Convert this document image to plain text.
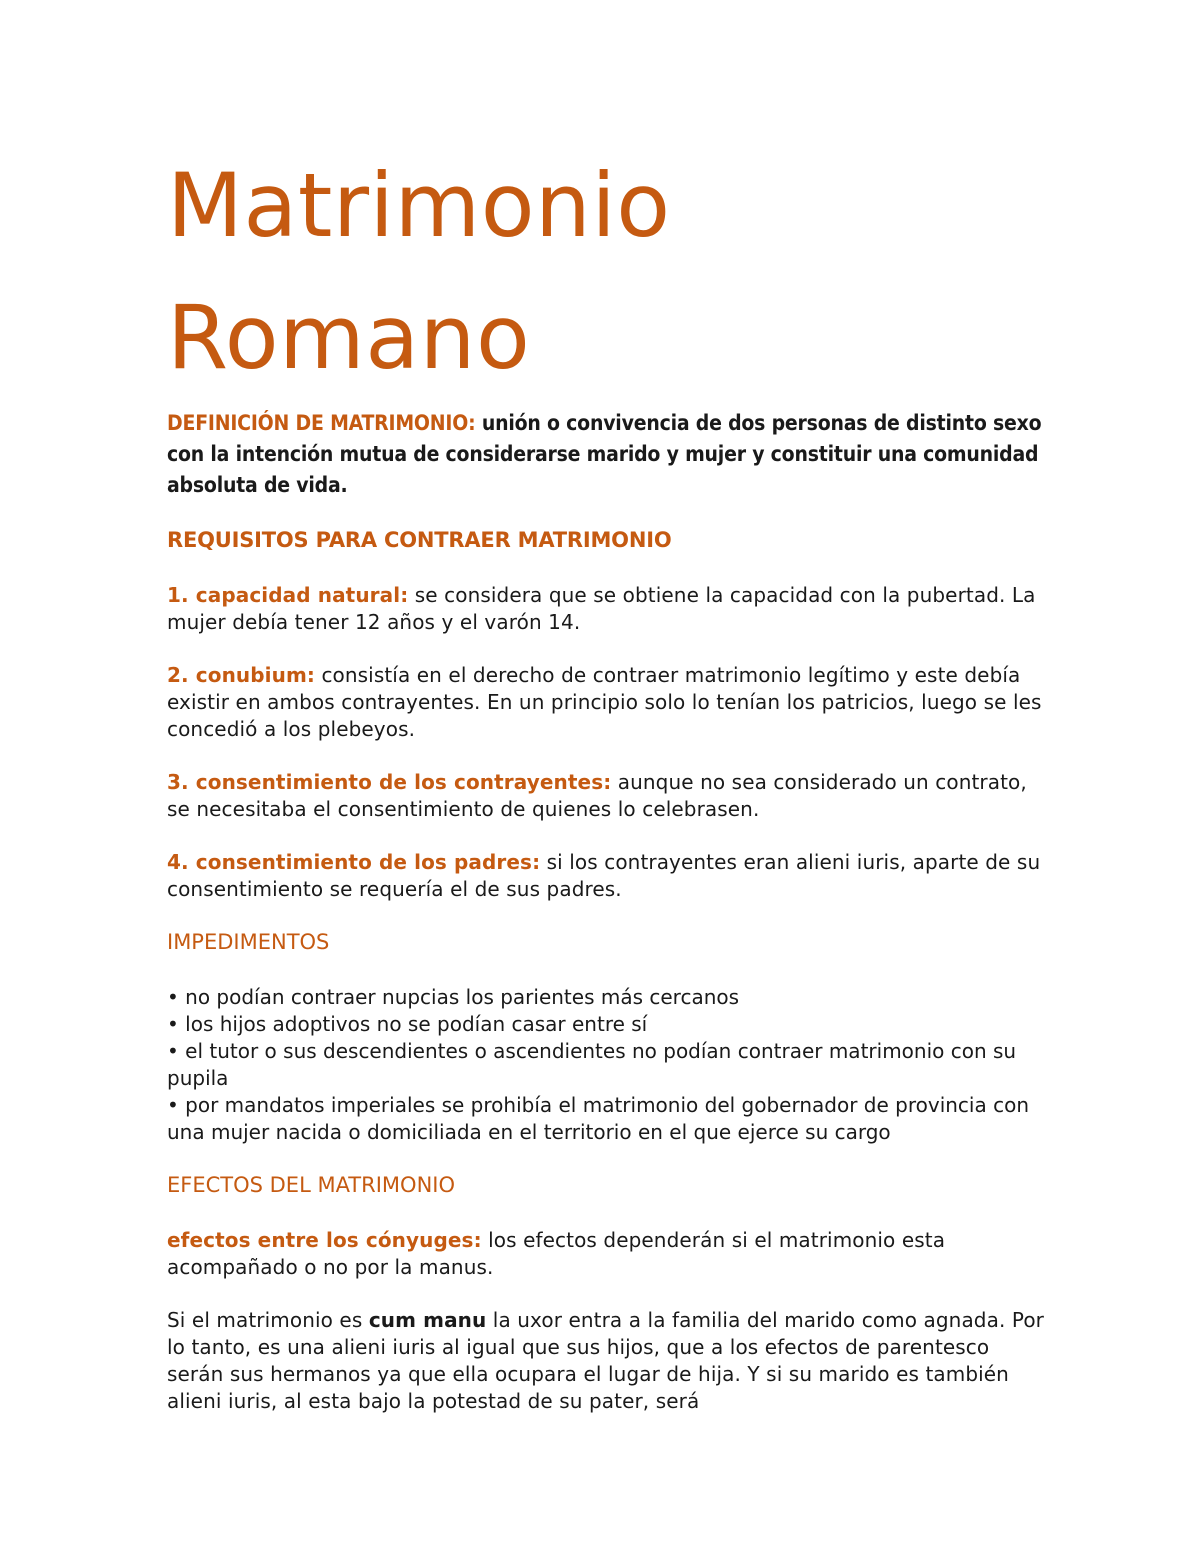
Matrimonio
Romano

DEFINICIÓN DE MATRIMONIO: unión o convivencia de dos personas de distinto sexo con la intención mutua de considerarse marido y mujer y constituir una comunidad absoluta de vida.

REQUISITOS PARA CONTRAER MATRIMONIO

1. capacidad natural: se considera que se obtiene la capacidad con la pubertad. La mujer debía tener 12 años y el varón 14.

2. conubium: consistía en el derecho de contraer matrimonio legítimo y este debía existir en ambos contrayentes. En un principio solo lo tenían los patricios, luego se les concedió a los plebeyos.

3. consentimiento de los contrayentes: aunque no sea considerado un contrato, se necesitaba el consentimiento de quienes lo celebrasen.

4. consentimiento de los padres: si los contrayentes eran alieni iuris, aparte de su consentimiento se requería el de sus padres.

IMPEDIMENTOS
• no podían contraer nupcias los parientes más cercanos
• los hijos adoptivos no se podían casar entre sí
• el tutor o sus descendientes o ascendientes no podían contraer matrimonio con su pupila
• por mandatos imperiales se prohibía el matrimonio del gobernador de provincia con una mujer nacida o domiciliada en el territorio en el que ejerce su cargo
EFECTOS DEL MATRIMONIO

efectos entre los cónyuges: los efectos dependerán si el matrimonio esta acompañado o no por la manus.

Si el matrimonio es cum manu la uxor entra a la familia del marido como agnada. Por lo tanto, es una alieni iuris al igual que sus hijos, que a los efectos de parentesco serán sus hermanos ya que ella ocupara el lugar de hija. Y si su marido es también alieni iuris, al esta bajo la potestad de su pater, será
